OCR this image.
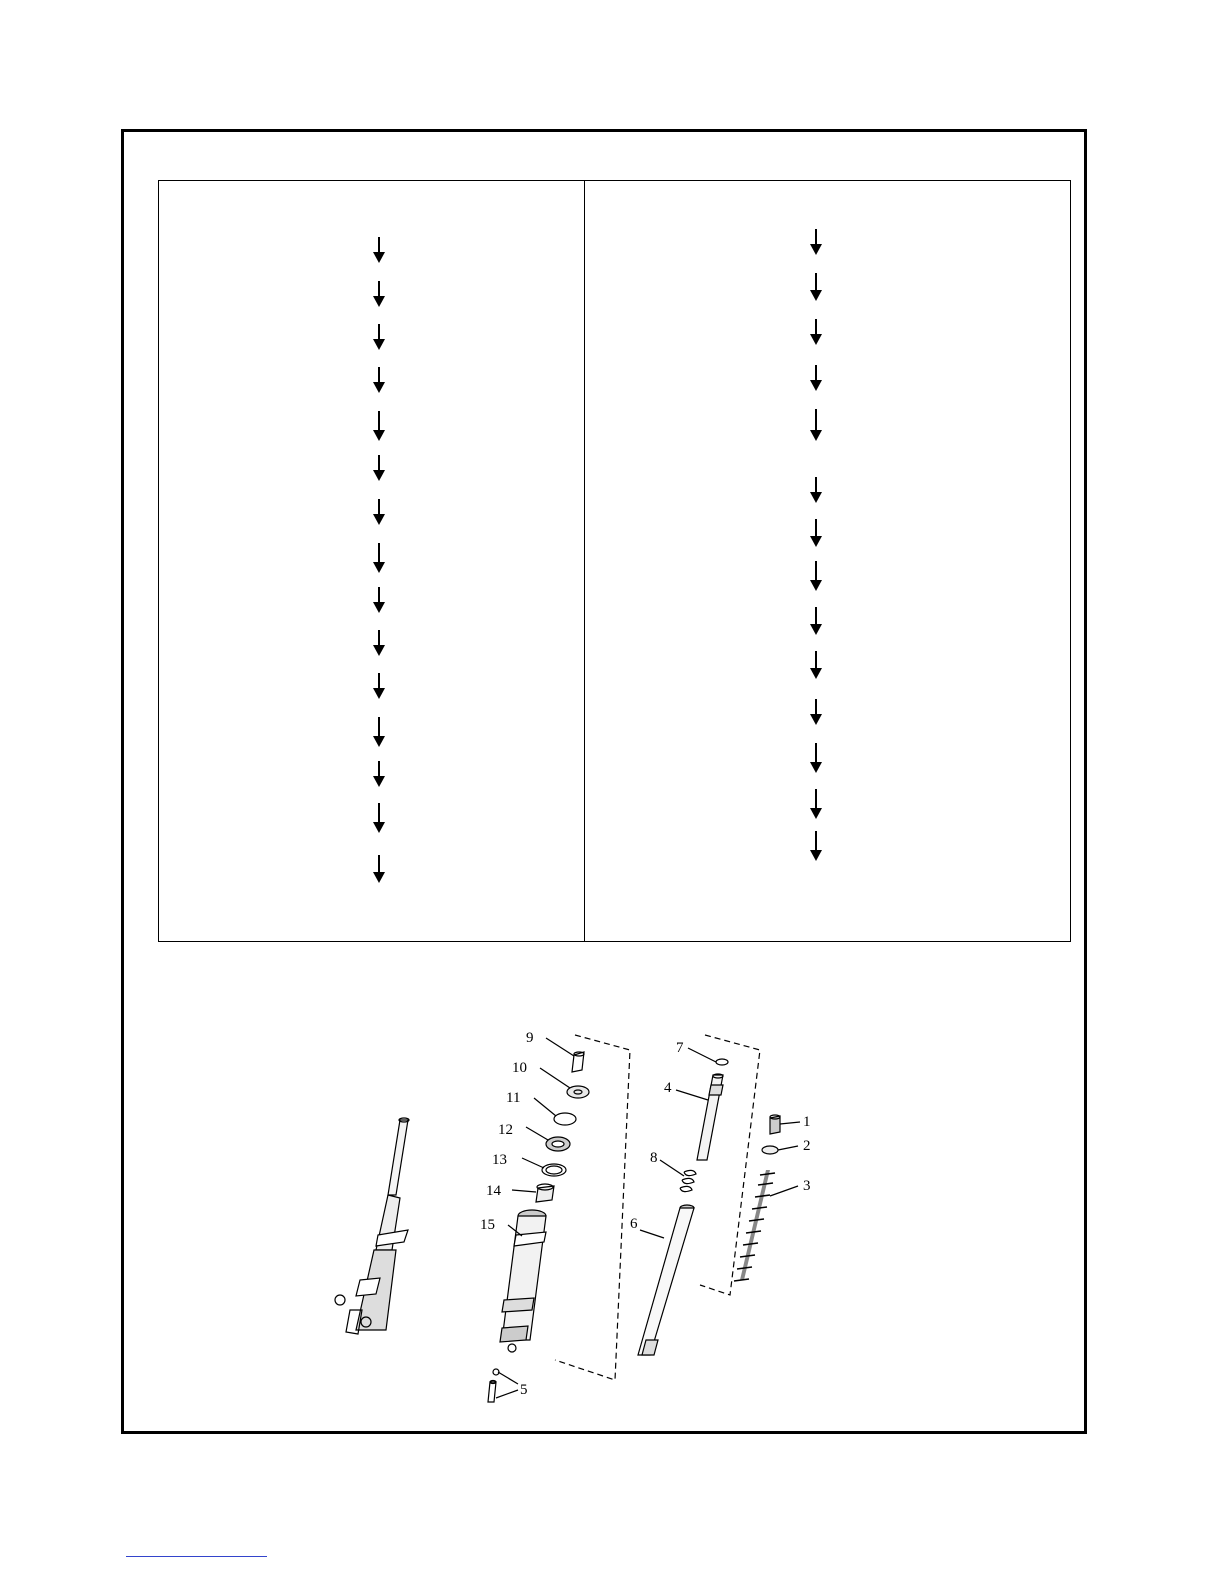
9
10
11
12
13
14
15
5
7
4
8
6
1
2
3
